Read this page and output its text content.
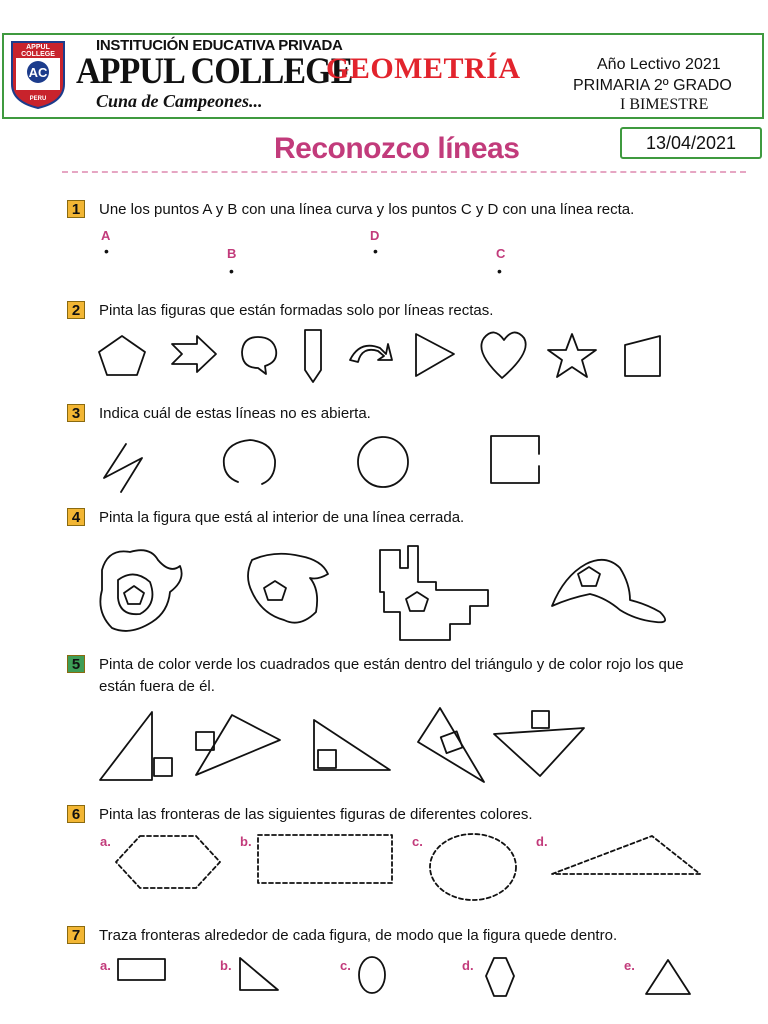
APPUL
COLLEGE
AC
PERU
INSTITUCIÓN EDUCATIVA PRIVADA
APPUL COLLEGE
Cuna de Campeones...
GEOMETRÍA	Año Lectivo 2021
PRIMARIA 2º GRADO
I BIMESTRE
13/04/2021
Reconozco líneas
1	Une los puntos A y B con una línea curva y los puntos C y D con una línea recta.
A
•	B
•
D
•	C
•
2	Pinta las figuras que están formadas solo por líneas rectas.
3	Indica cuál de estas líneas no es abierta.
4	Pinta la figura que está al interior de una línea cerrada.
5	Pinta de color verde los cuadrados que están dentro del triángulo y de color rojo los que
están fuera de él.
6	Pinta las fronteras de las siguientes figuras de diferentes colores.
a.	b.	c.	d.
7	Traza fronteras alrededor de cada figura, de modo que la figura quede dentro.
a.	b.	c.	d.	e.
